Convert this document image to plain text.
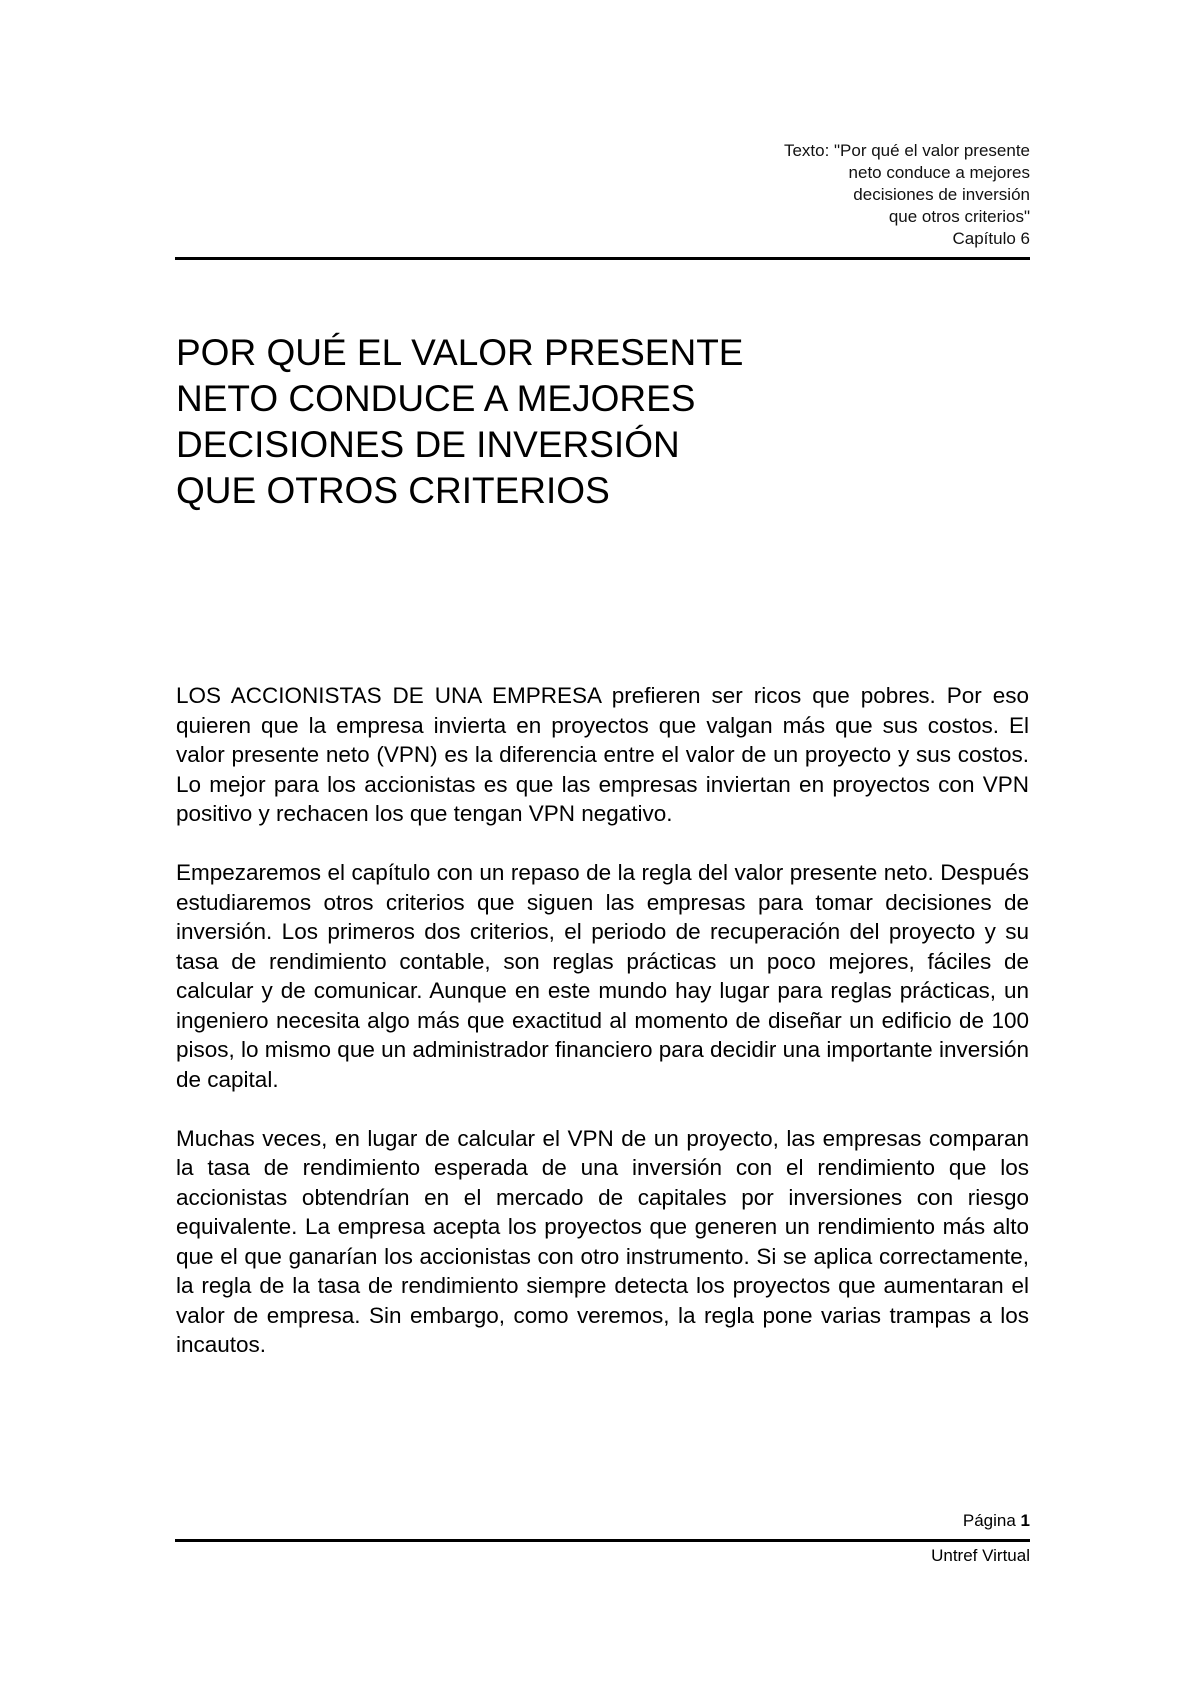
Texto: "Por qué el valor presente
neto conduce a mejores
decisiones de inversión
que otros criterios"
Capítulo 6
POR QUÉ EL VALOR PRESENTE
NETO CONDUCE A MEJORES
DECISIONES DE INVERSIÓN
QUE OTROS CRITERIOS

LOS ACCIONISTAS DE UNA EMPRESA prefieren ser ricos que pobres. Por eso quieren que la empresa invierta en proyectos que valgan más que sus costos. El valor presente neto (VPN) es la diferencia entre el valor de un proyecto y sus costos. Lo mejor para los accionistas es que las empresas inviertan en proyectos con VPN positivo y rechacen los que tengan VPN negativo.

Empezaremos el capítulo con un repaso de la regla del valor presente neto. Después estudiaremos otros criterios que siguen las empresas para tomar decisiones de inversión. Los primeros dos criterios, el periodo de recuperación del proyecto y su tasa de rendimiento contable, son reglas prácticas un poco mejores, fáciles de calcular y de comunicar. Aunque en este mundo hay lugar para reglas prácticas, un ingeniero necesita algo más que exactitud al momento de diseñar un edificio de 100 pisos, lo mismo que un administrador financiero para decidir una importante inversión de capital.

Muchas veces, en lugar de calcular el VPN de un proyecto, las empresas comparan la tasa de rendimiento esperada de una inversión con el rendimiento que los accionistas obtendrían en el mercado de capitales por inversiones con riesgo equivalente. La empresa acepta los proyectos que generen un rendimiento más alto que el que ganarían los accionistas con otro instrumento. Si se aplica correctamente, la regla de la tasa de rendimiento siempre detecta los proyectos que aumentaran el valor de empresa. Sin embargo, como veremos, la regla pone varias trampas a los incautos.

Página 1
Untref Virtual
